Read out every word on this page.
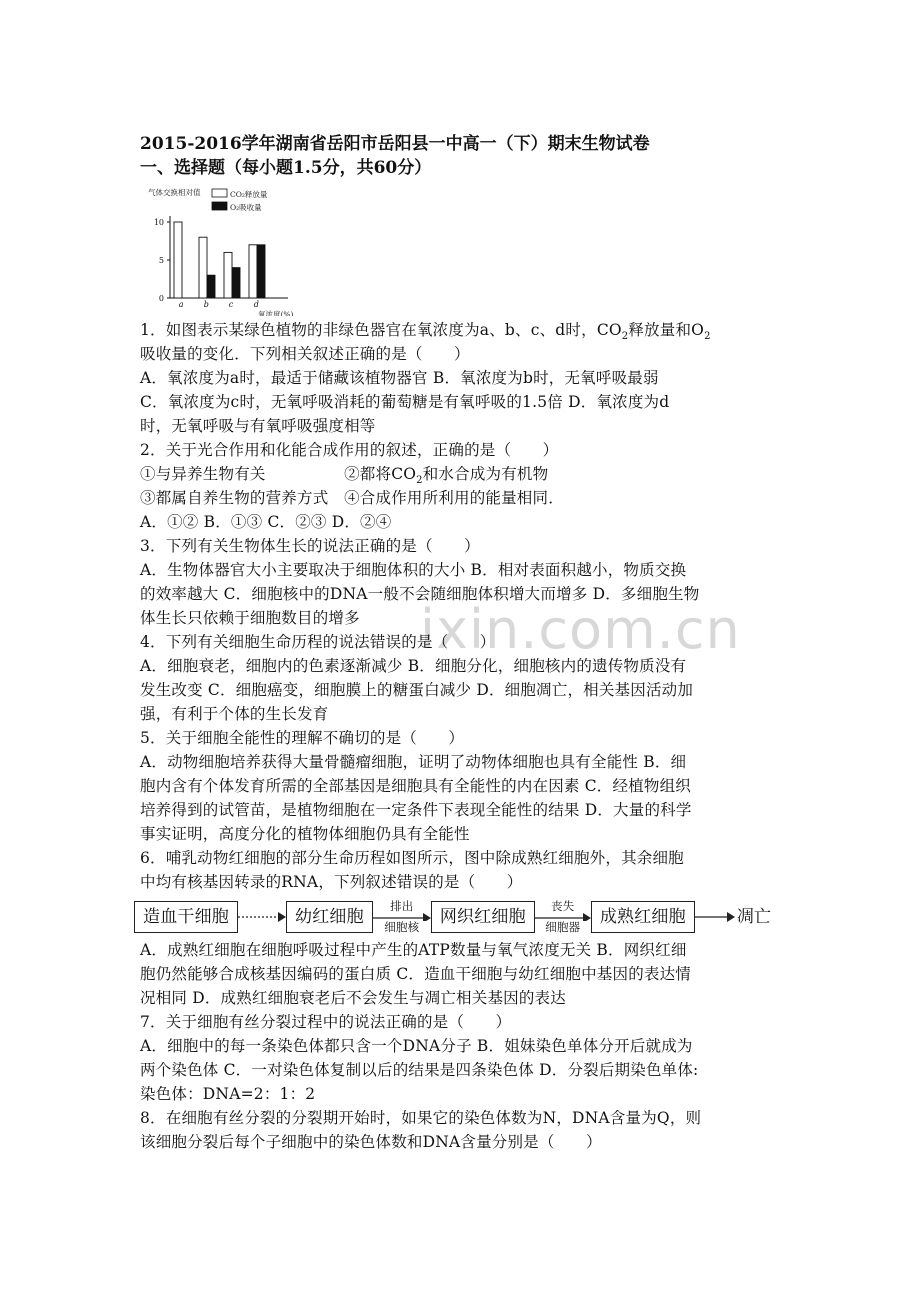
ixin.com.cn
2015-2016学年湖南省岳阳市岳阳县一中高一（下）期末生物试卷
一、选择题（每小题1.5分，共60分）
气体交换相对值	CO₂释放量
O₂吸收量
0
5
10
a	b c	d
氧浓度(%)

1．如图表示某绿色植物的非绿色器官在氧浓度为a、b、c、d时，$CO_2$释放量和$O_2$

吸收量的变化．下列相关叙述正确的是（　　）

A．氧浓度为a时，最适于储藏该植物器官 B．氧浓度为b时，无氧呼吸最弱

C．氧浓度为c时，无氧呼吸消耗的葡萄糖是有氧呼吸的1.5倍 D．氧浓度为d

时，无氧呼吸与有氧呼吸强度相等

2．关于光合作用和化能合成作用的叙述，正确的是（　　）

①与异养生物有关　　　　　②都将$CO_2$和水合成为有机物

③都属自养生物的营养方式　④合成作用所利用的能量相同．

A．①② B．①③ C．②③ D．②④

3．下列有关生物体生长的说法正确的是（　　）

A．生物体器官大小主要取决于细胞体积的大小 B．相对表面积越小，物质交换

的效率越大 C．细胞核中的DNA一般不会随细胞体积增大而增多 D．多细胞生物

体生长只依赖于细胞数目的增多

4．下列有关细胞生命历程的说法错误的是（　　）

A．细胞衰老，细胞内的色素逐渐减少 B．细胞分化，细胞核内的遗传物质没有

发生改变 C．细胞癌变，细胞膜上的糖蛋白减少 D．细胞凋亡，相关基因活动加

强，有利于个体的生长发育

5．关于细胞全能性的理解不确切的是（　　）

A．动物细胞培养获得大量骨髓瘤细胞，证明了动物体细胞也具有全能性 B．细

胞内含有个体发育所需的全部基因是细胞具有全能性的内在因素 C．经植物组织

培养得到的试管苗，是植物细胞在一定条件下表现全能性的结果 D．大量的科学

事实证明，高度分化的植物体细胞仍具有全能性

6．哺乳动物红细胞的部分生命历程如图所示，图中除成熟红细胞外，其余细胞

中均有核基因转录的RNA，下列叙述错误的是（　　）

造血干细胞	幼红细胞
排出
细胞核	网织红细胞
丧失
细胞器	成熟红细胞	凋亡

A．成熟红细胞在细胞呼吸过程中产生的ATP数量与氧气浓度无关 B．网织红细

胞仍然能够合成核基因编码的蛋白质 C．造血干细胞与幼红细胞中基因的表达情

况相同 D．成熟红细胞衰老后不会发生与凋亡相关基因的表达

7．关于细胞有丝分裂过程中的说法正确的是（　　）

A．细胞中的每一条染色体都只含一个DNA分子 B．姐妹染色单体分开后就成为

两个染色体 C．一对染色体复制以后的结果是四条染色体 D．分裂后期染色单体:

染色体：DNA=2：1：2

8．在细胞有丝分裂的分裂期开始时，如果它的染色体数为N，DNA含量为Q，则

该细胞分裂后每个子细胞中的染色体数和DNA含量分别是（　　）
